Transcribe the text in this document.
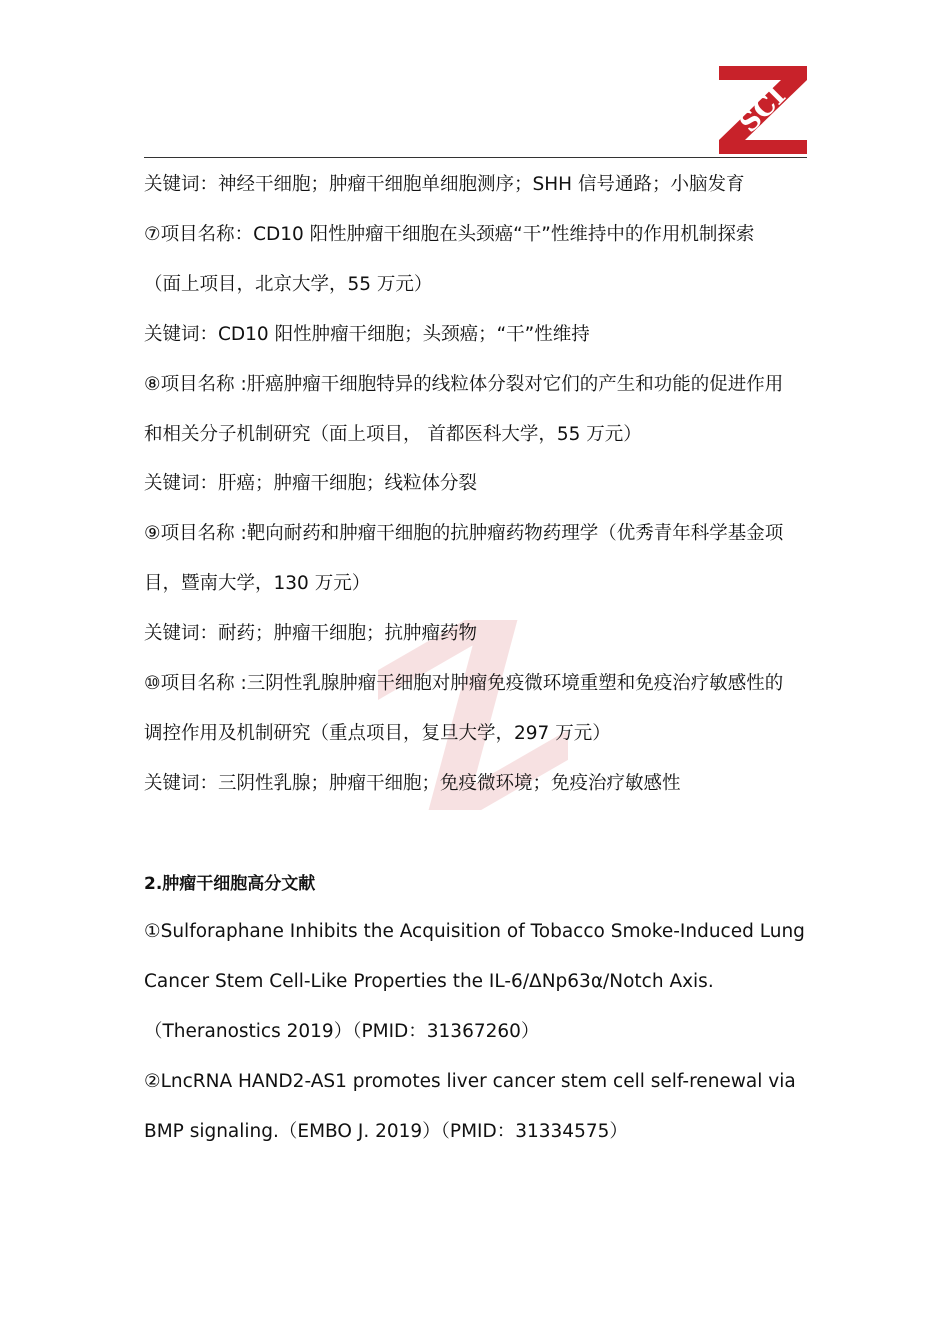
SCI
关键词：神经干细胞；肿瘤干细胞单细胞测序；SHH 信号通路；小脑发育
⑦项目名称：CD10 阳性肿瘤干细胞在头颈癌“干”性维持中的作用机制探索
（面上项目，北京大学，55 万元）
关键词：CD10 阳性肿瘤干细胞；头颈癌；“干”性维持
⑧项目名称 :肝癌肿瘤干细胞特异的线粒体分裂对它们的产生和功能的促进作用
和相关分子机制研究（面上项目， 首都医科大学，55 万元）
关键词：肝癌；肿瘤干细胞；线粒体分裂
⑨项目名称 :靶向耐药和肿瘤干细胞的抗肿瘤药物药理学（优秀青年科学基金项
目，暨南大学，130 万元）
关键词：耐药；肿瘤干细胞；抗肿瘤药物
⑩项目名称 :三阴性乳腺肿瘤干细胞对肿瘤免疫微环境重塑和免疫治疗敏感性的
调控作用及机制研究（重点项目，复旦大学，297 万元）
关键词：三阴性乳腺；肿瘤干细胞；免疫微环境；免疫治疗敏感性
2.肿瘤干细胞高分文献
①Sulforaphane Inhibits the Acquisition of Tobacco Smoke-Induced Lung
Cancer Stem Cell-Like Properties the IL-6/ΔNp63α/Notch Axis.
（Theranostics 2019）（PMID：31367260）
②LncRNA HAND2-AS1 promotes liver cancer stem cell self-renewal via
BMP signaling.（EMBO J. 2019）（PMID：31334575）
